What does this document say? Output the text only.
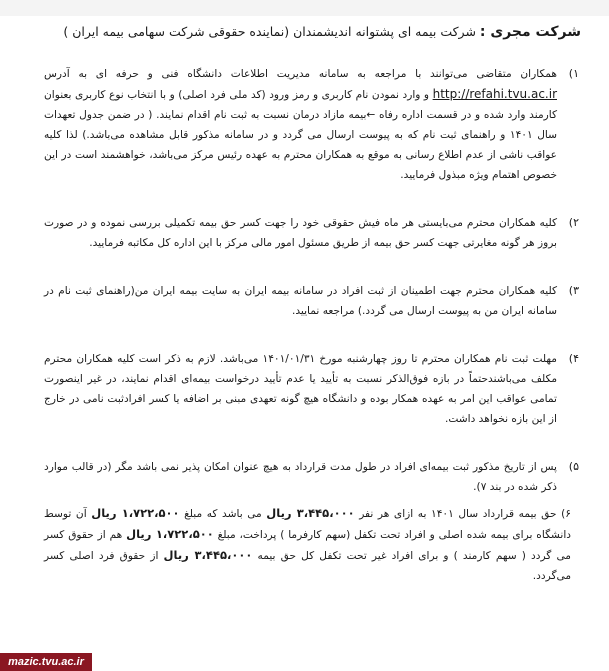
شرکت مجری : شرکت بیمه ای پشتوانه اندیشمندان (نماینده حقوقی شرکت سهامی بیمه ایران )
۱)
همکاران متقاضی می‌توانند با مراجعه به سامانه مدیریت اطلاعات دانشگاه فنی و حرفه ای به آدرس http://refahi.tvu.ac.ir و وارد نمودن نام کاربری و رمز ورود (کد ملی فرد اصلی) و با انتخاب نوع کاربری بعنوان کارمند وارد شده و در قسمت اداره رفاه ←بیمه مازاد درمان نسبت به ثبت نام اقدام نمایند. ( در ضمن جدول تعهدات سال ۱۴۰۱ و راهنمای ثبت نام که به پیوست ارسال می گردد و در سامانه مذکور قابل مشاهده می‌باشد.) لذا کلیه عواقب ناشی از عدم اطلاع رسانی به موقع به همکاران محترم به عهده رئیس مرکز می‌باشد، خواهشمند است در این خصوص اهتمام ویژه مبذول فرمایید.
۲)
کلیه همکاران محترم می‌بایستی هر ماه فیش حقوقی خود را جهت کسر حق بیمه تکمیلی بررسی نموده و در صورت بروز هر گونه مغایرتی جهت کسر حق بیمه از طریق مسئول امور مالی مرکز با این اداره کل مکاتبه فرمایید.
۳)
کلیه همکاران محترم جهت اطمینان از ثبت افراد در سامانه بیمه ایران به سایت بیمه ایران من(راهنمای ثبت نام در سامانه ایران من به پیوست ارسال می گردد.) مراجعه نمایید.
۴)
مهلت ثبت نام همکاران محترم تا روز چهارشنبه مورخ ۱۴۰۱/۰۱/۳۱ می‌باشد. لازم به ذکر است کلیه همکاران محترم مکلف می‌باشندحتماً در بازه فوق‌الذکر نسبت به تأیید یا عدم تأیید درخواست بیمه‌ای اقدام نمایند، در غیر اینصورت تمامی عواقب این امر به عهده همکار بوده و دانشگاه هیچ گونه تعهدی مبنی بر اضافه یا کسر افرادثبت نامی در خارج از این بازه نخواهد داشت.
۵)
پس از تاریخ مذکور ثبت بیمه‌ای افراد در طول مدت قرارداد به هیچ عنوان امکان پذیر نمی باشد مگر (در قالب موارد ذکر شده در بند ۷).
۶) حق بیمه قرارداد سال ۱۴۰۱ به ازای هر نفر ۳،۴۴۵،۰۰۰ ریال می باشد که مبلغ ۱،۷۲۲،۵۰۰ ریال آن توسط دانشگاه برای بیمه شده اصلی و افراد تحت تکفل (سهم کارفرما ) پرداخت، مبلغ ۱،۷۲۲،۵۰۰ ریال هم از حقوق کسر می گردد ( سهم کارمند ) و برای افراد غیر تحت تکفل کل حق بیمه ۳،۴۴۵،۰۰۰ ریال از حقوق فرد اصلی کسر می‌گردد.
mazic.tvu.ac.ir
